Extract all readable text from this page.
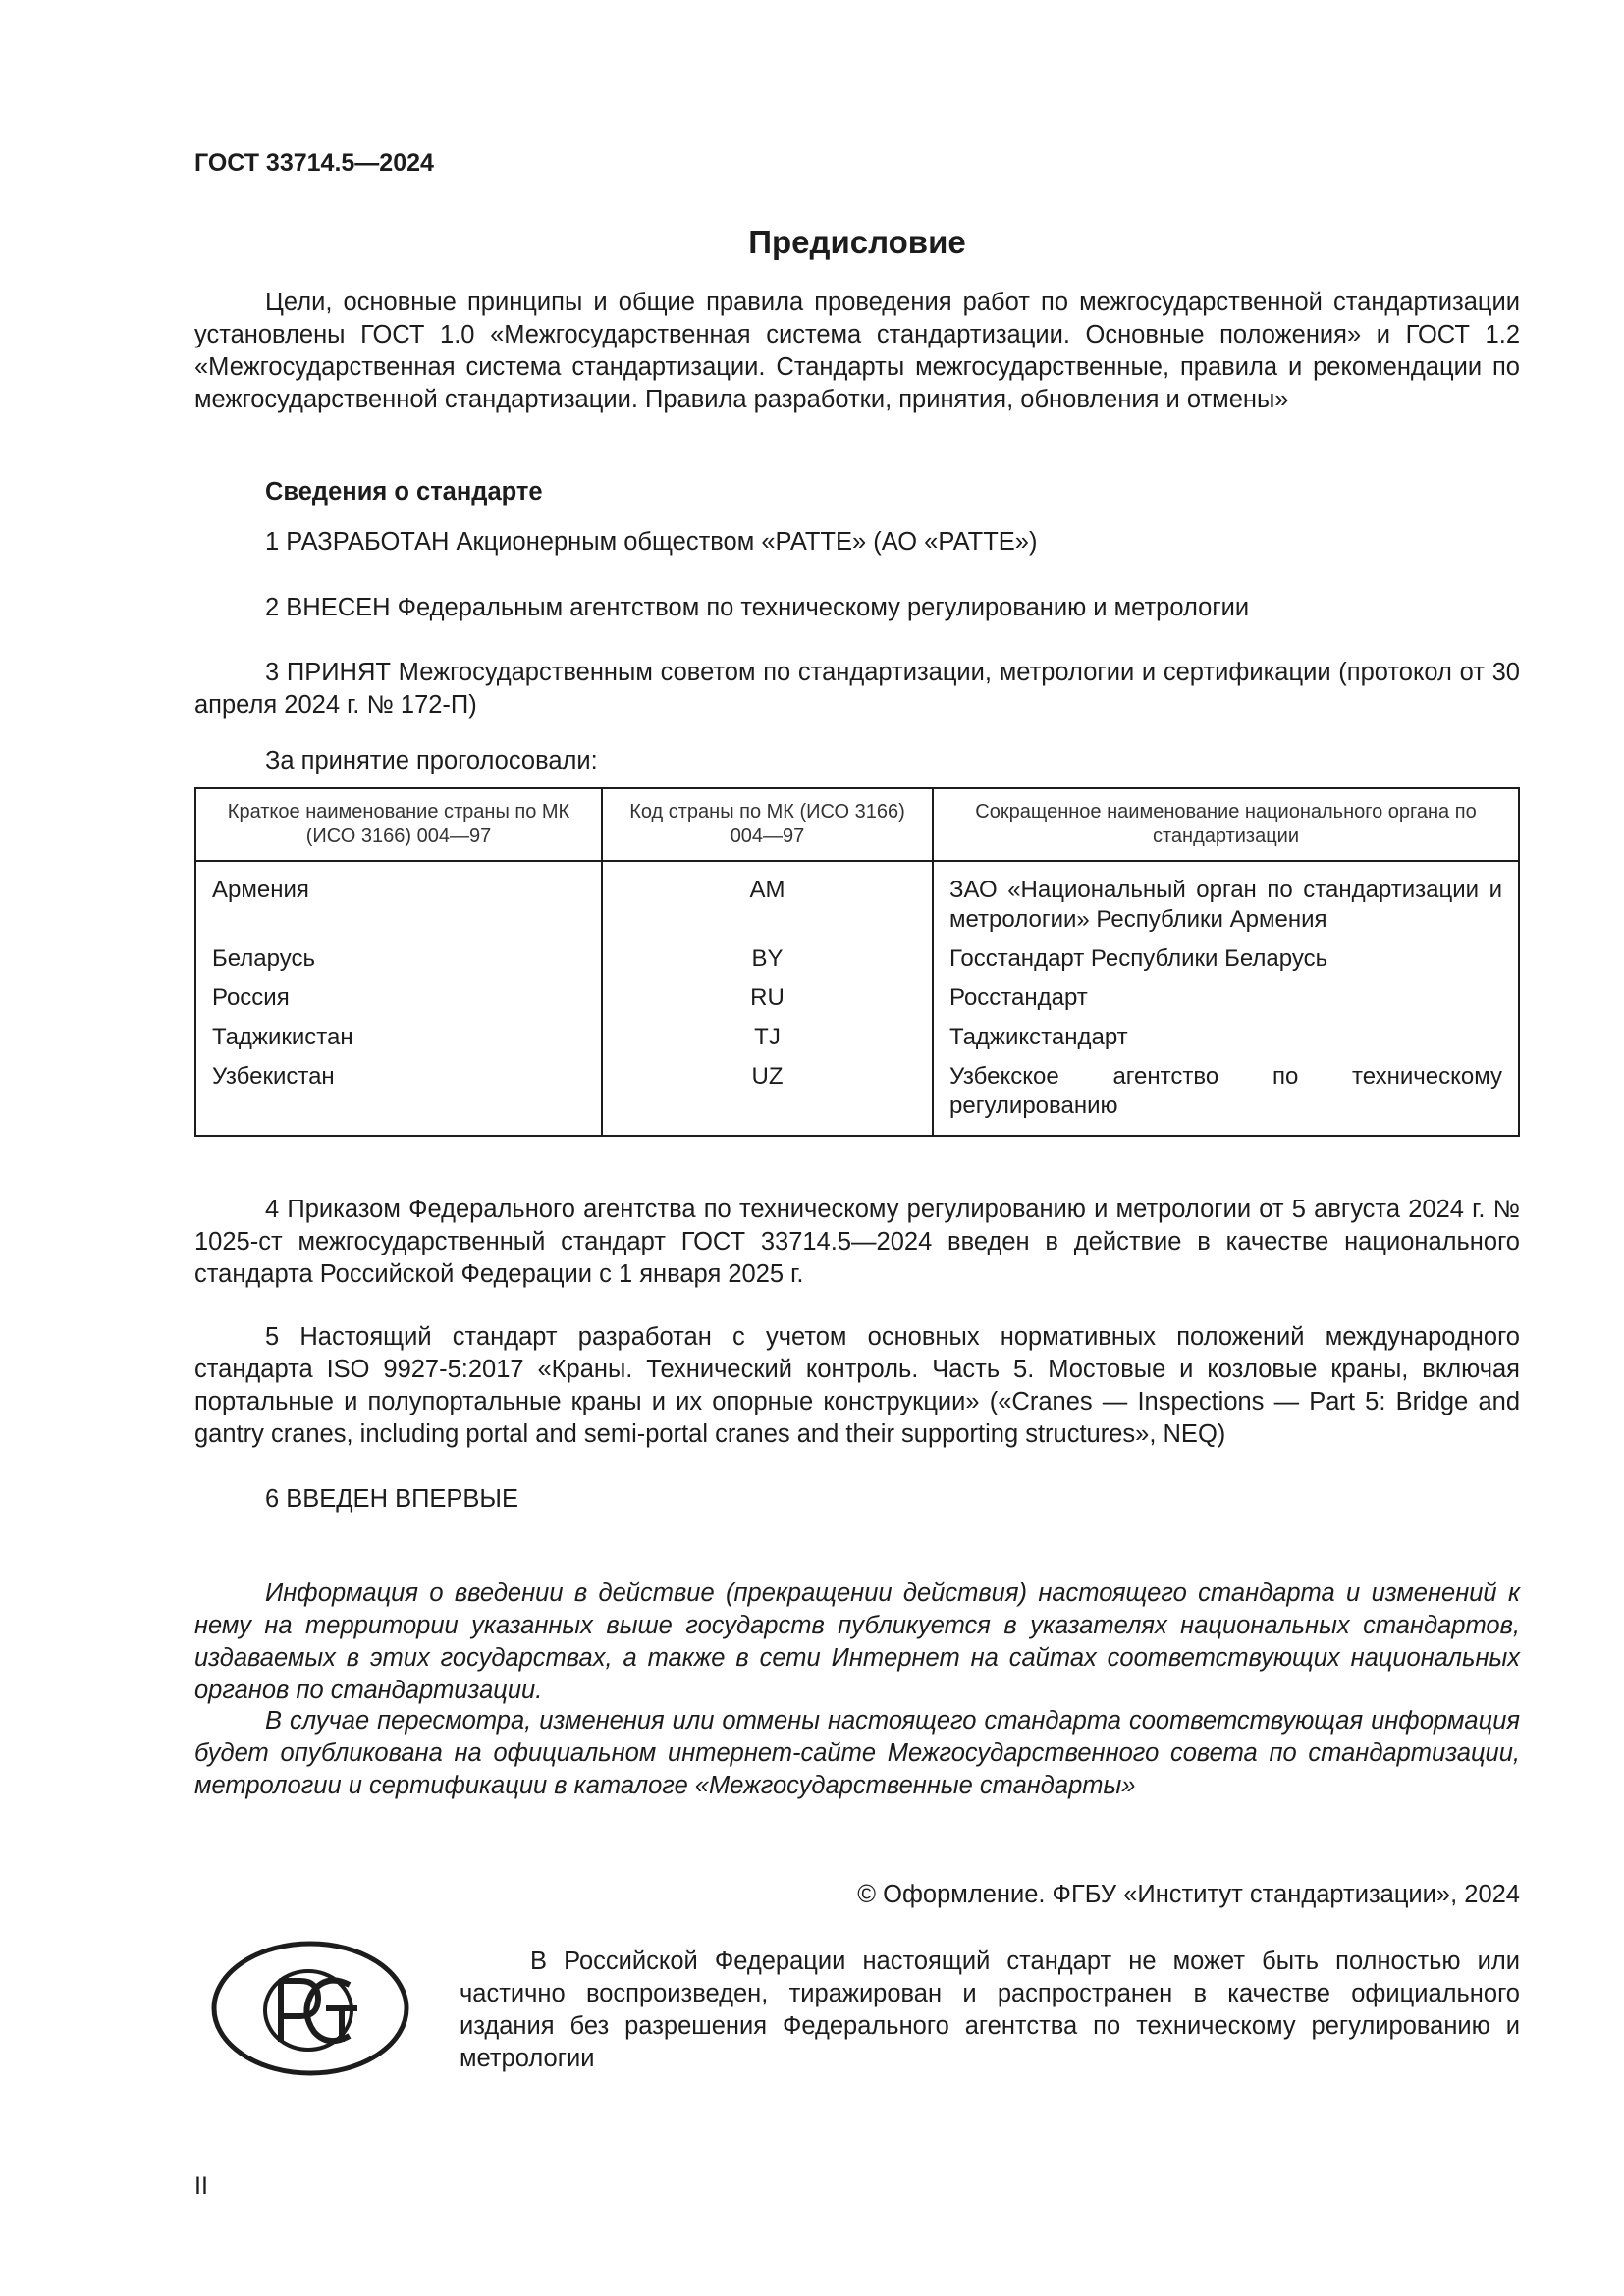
ГОСТ 33714.5—2024
Предисловие
Цели, основные принципы и общие правила проведения работ по межгосударственной стандартизации установлены ГОСТ 1.0 «Межгосударственная система стандартизации. Основные положения» и ГОСТ 1.2 «Межгосударственная система стандартизации. Стандарты межгосударственные, правила и рекомендации по межгосударственной стандартизации. Правила разработки, принятия, обновления и отмены»
Сведения о стандарте
1 РАЗРАБОТАН Акционерным обществом «РАТТЕ» (АО «РАТТЕ»)
2 ВНЕСЕН Федеральным агентством по техническому регулированию и метрологии
3 ПРИНЯТ Межгосударственным советом по стандартизации, метрологии и сертификации (протокол от 30 апреля 2024 г. № 172-П)
За принятие проголосовали:
Краткое наименование страны по МК (ИСО 3166) 004—97	Код страны по МК (ИСО 3166) 004—97	Сокращенное наименование национального органа по стандартизации
Армения	AM	ЗАО «Национальный орган по стандартизации и метрологии» Республики Армения
Беларусь	BY	Госстандарт Республики Беларусь
Россия	RU	Росстандарт
Таджикистан	TJ	Таджикстандарт
Узбекистан	UZ	Узбекское агентство по техническому регулированию
4 Приказом Федерального агентства по техническому регулированию и метрологии от 5 августа 2024 г. № 1025-ст межгосударственный стандарт ГОСТ 33714.5—2024 введен в действие в качестве национального стандарта Российской Федерации с 1 января 2025 г.
5 Настоящий стандарт разработан с учетом основных нормативных положений международного стандарта ISO 9927-5:2017 «Краны. Технический контроль. Часть 5. Мостовые и козловые краны, включая портальные и полупортальные краны и их опорные конструкции» («Cranes — Inspections — Part 5: Bridge and gantry cranes, including portal and semi-portal cranes and their supporting structures», NEQ)
6 ВВЕДЕН ВПЕРВЫЕ
Информация о введении в действие (прекращении действия) настоящего стандарта и изменений к нему на территории указанных выше государств публикуется в указателях национальных стандартов, издаваемых в этих государствах, а также в сети Интернет на сайтах соответствующих национальных органов по стандартизации.
В случае пересмотра, изменения или отмены настоящего стандарта соответствующая информация будет опубликована на официальном интернет-сайте Межгосударственного совета по стандартизации, метрологии и сертификации в каталоге «Межгосударственные стандарты»
© Оформление. ФГБУ «Институт стандартизации», 2024
В Российской Федерации настоящий стандарт не может быть полностью или частично воспроизведен, тиражирован и распространен в качестве официального издания без разрешения Федерального агентства по техническому регулированию и метрологии
II
